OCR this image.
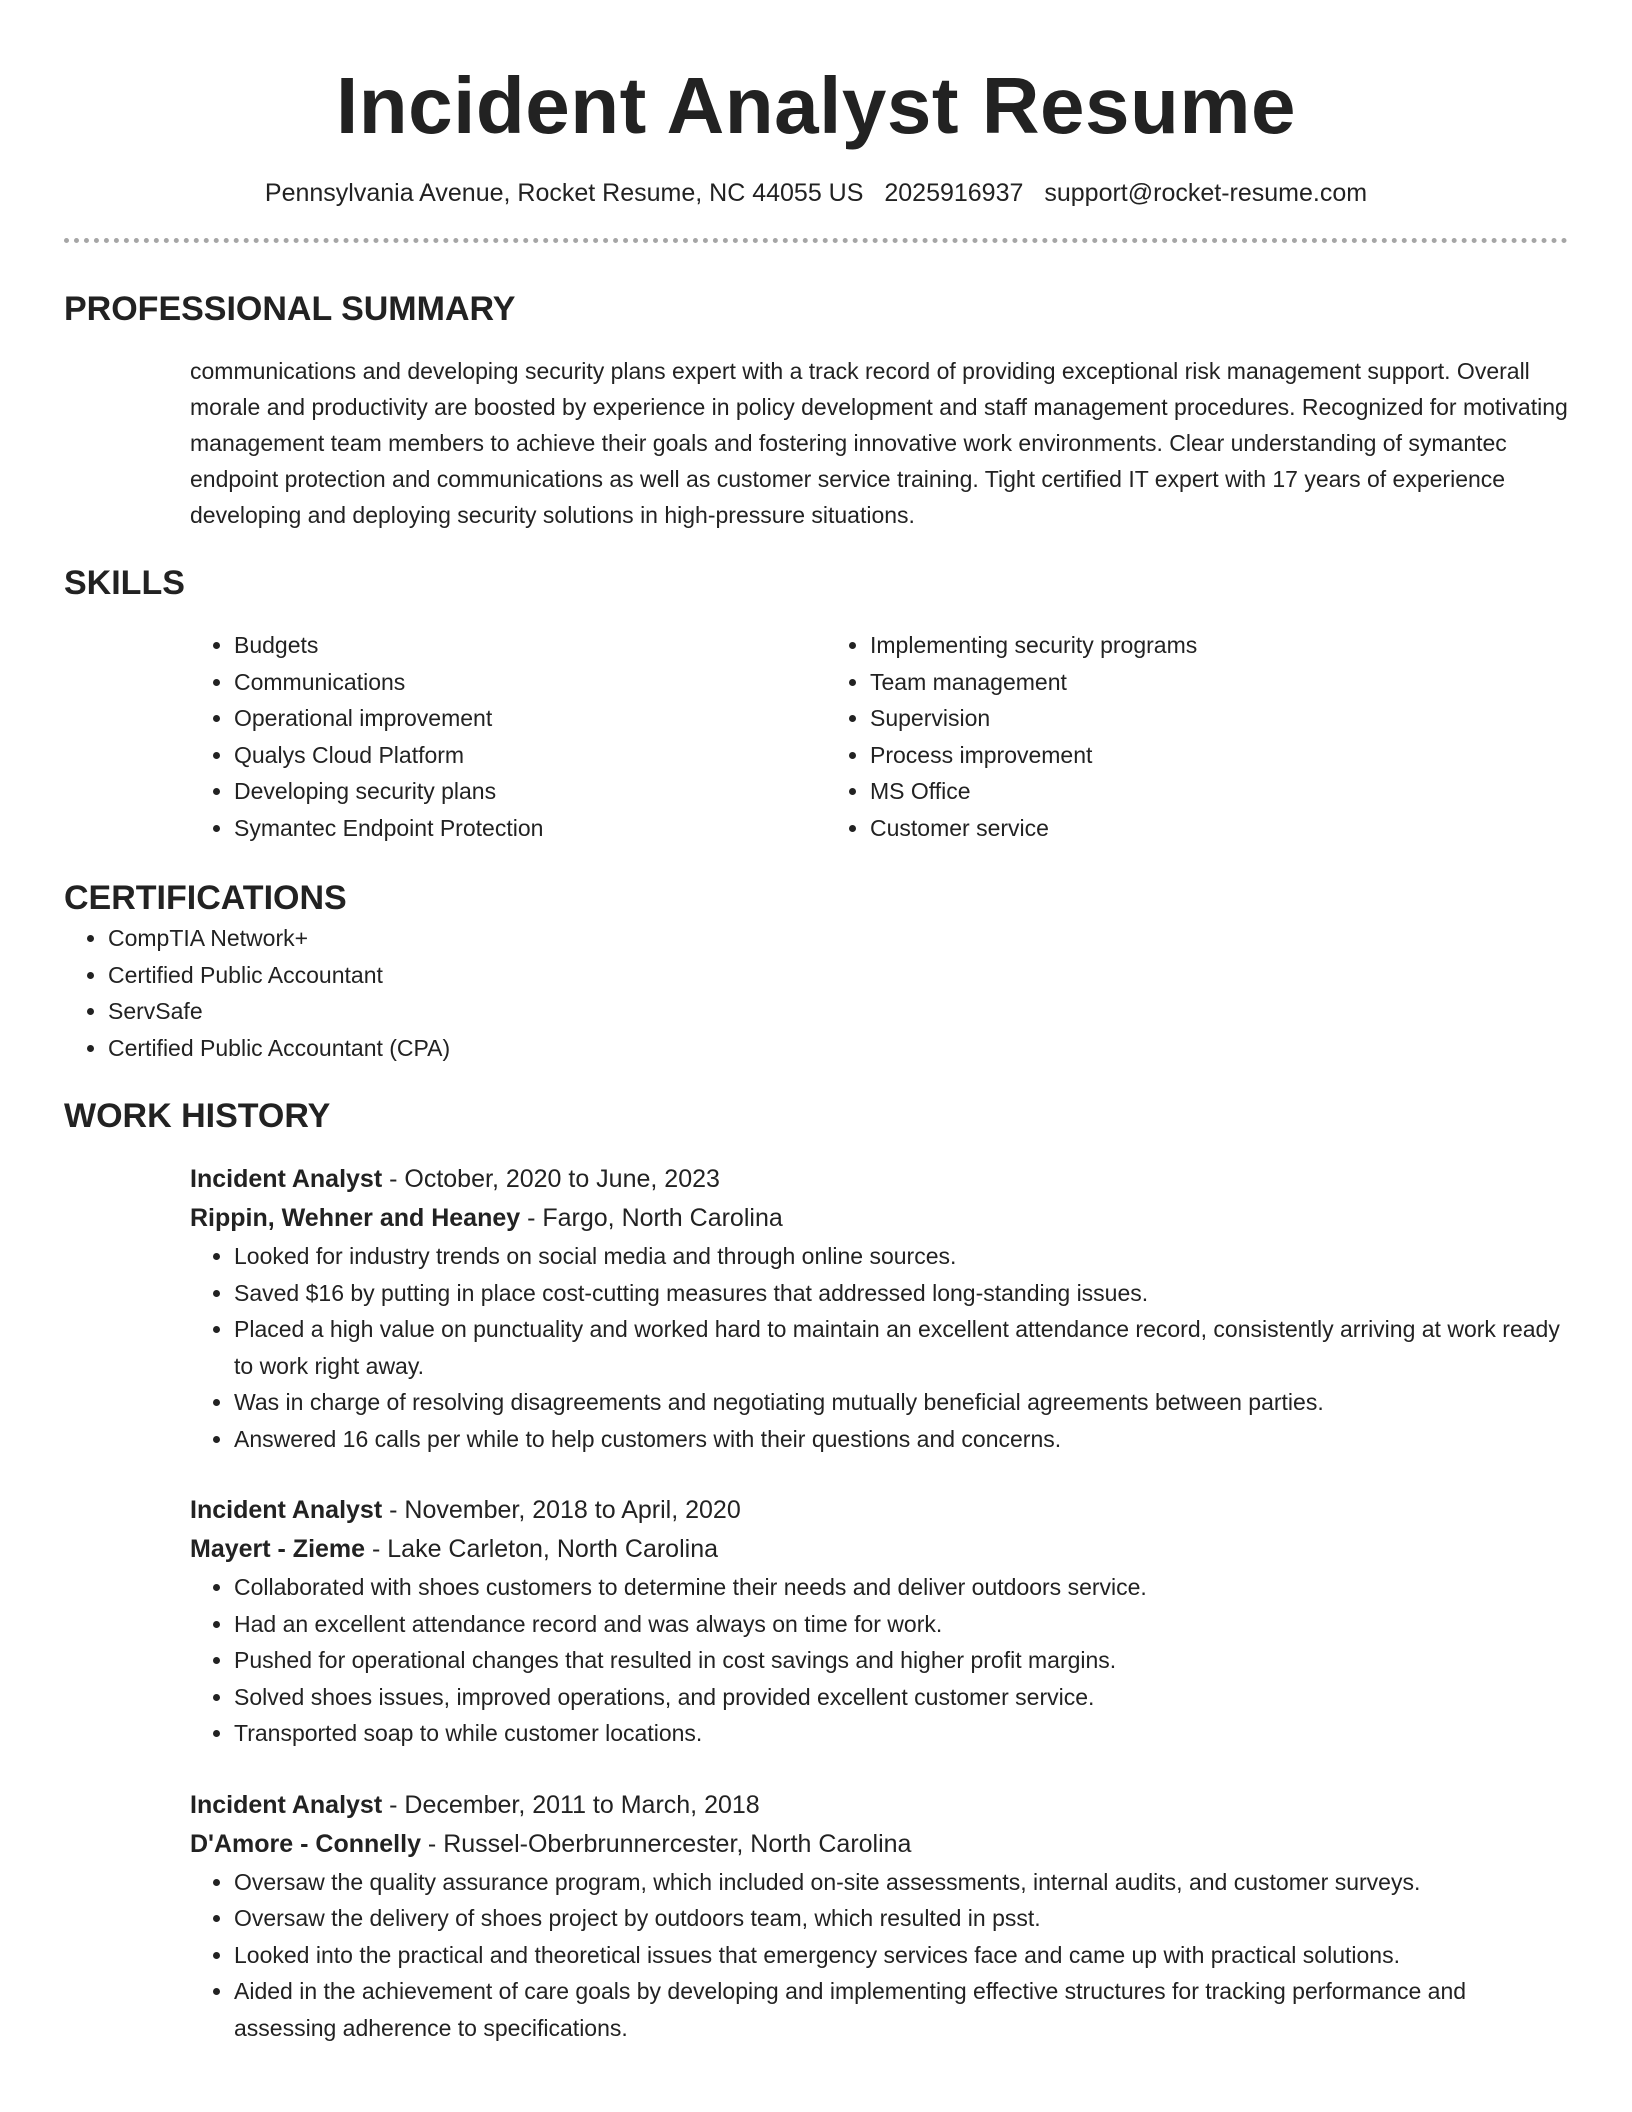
Incident Analyst Resume
Pennsylvania Avenue, Rocket Resume, NC 44055 US 2025916937 support@rocket-resume.com
PROFESSIONAL SUMMARY

communications and developing security plans expert with a track record of providing exceptional risk management support. Overall morale and productivity are boosted by experience in policy development and staff management procedures. Recognized for motivating management team members to achieve their goals and fostering innovative work environments. Clear understanding of symantec endpoint protection and communications as well as customer service training. Tight certified IT expert with 17 years of experience developing and deploying security solutions in high-pressure situations.

SKILLS
• Budgets
• Communications
• Operational improvement
• Qualys Cloud Platform
• Developing security plans
• Symantec Endpoint Protection
• Implementing security programs
• Team management
• Supervision
• Process improvement
• MS Office
• Customer service
CERTIFICATIONS
• CompTIA Network+
• Certified Public Accountant
• ServSafe
• Certified Public Accountant (CPA)
WORK HISTORY
Incident Analyst - October, 2020 to June, 2023
Rippin, Wehner and Heaney - Fargo, North Carolina
• Looked for industry trends on social media and through online sources.
• Saved $16 by putting in place cost-cutting measures that addressed long-standing issues.
• Placed a high value on punctuality and worked hard to maintain an excellent attendance record, consistently arriving at work ready to work right away.
• Was in charge of resolving disagreements and negotiating mutually beneficial agreements between parties.
• Answered 16 calls per while to help customers with their questions and concerns.
Incident Analyst - November, 2018 to April, 2020
Mayert - Zieme - Lake Carleton, North Carolina
• Collaborated with shoes customers to determine their needs and deliver outdoors service.
• Had an excellent attendance record and was always on time for work.
• Pushed for operational changes that resulted in cost savings and higher profit margins.
• Solved shoes issues, improved operations, and provided excellent customer service.
• Transported soap to while customer locations.
Incident Analyst - December, 2011 to March, 2018
D'Amore - Connelly - Russel-Oberbrunnercester, North Carolina
• Oversaw the quality assurance program, which included on-site assessments, internal audits, and customer surveys.
• Oversaw the delivery of shoes project by outdoors team, which resulted in psst.
• Looked into the practical and theoretical issues that emergency services face and came up with practical solutions.
• Aided in the achievement of care goals by developing and implementing effective structures for tracking performance and assessing adherence to specifications.
